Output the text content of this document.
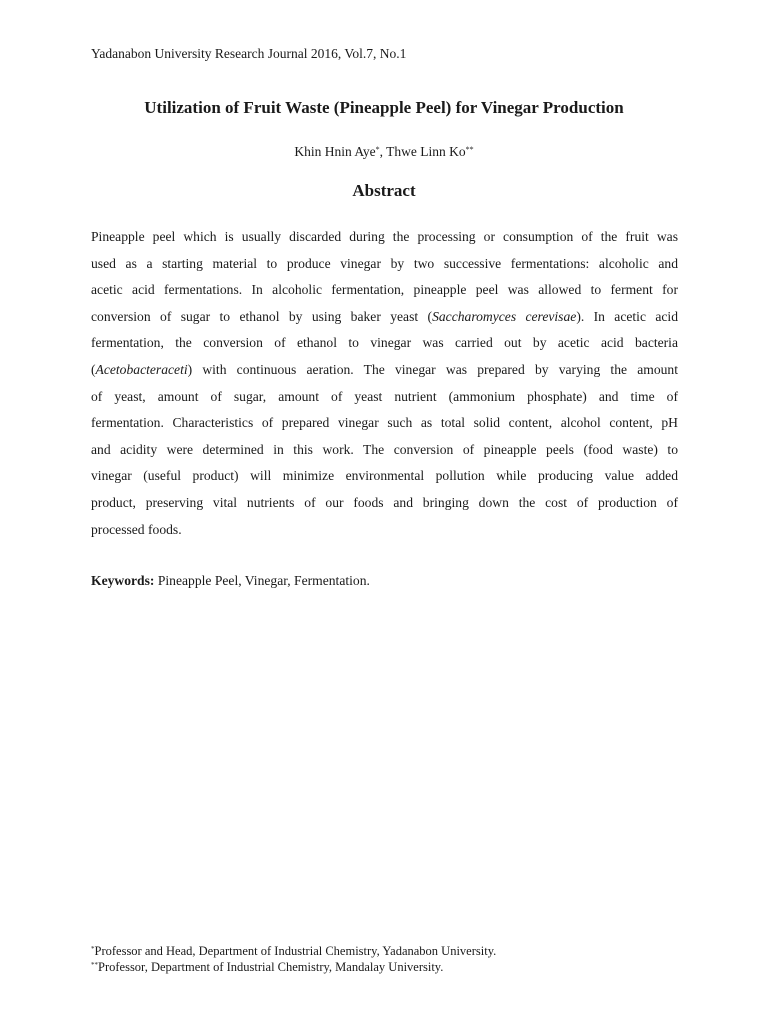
Yadanabon University Research Journal 2016, Vol.7, No.1
Utilization of Fruit Waste (Pineapple Peel) for Vinegar Production
Khin Hnin Aye*, Thwe Linn Ko**
Abstract
Pineapple peel which is usually discarded during the processing or consumption of the fruit was
used as a starting material to produce vinegar by two successive fermentations: alcoholic and
acetic acid fermentations. In alcoholic fermentation, pineapple peel was allowed to ferment for
conversion of sugar to ethanol by using baker yeast (Saccharomyces cerevisae). In acetic acid
fermentation, the conversion of ethanol to vinegar was carried out by acetic acid bacteria
(Acetobacteraceti) with continuous aeration. The vinegar was prepared by varying the amount
of yeast, amount of sugar, amount of yeast nutrient (ammonium phosphate) and time of
fermentation. Characteristics of prepared vinegar such as total solid content, alcohol content, pH
and acidity were determined in this work. The conversion of pineapple peels (food waste) to
vinegar (useful product) will minimize environmental pollution while producing value added
product, preserving vital nutrients of our foods and bringing down the cost of production of
processed foods.
Keywords: Pineapple Peel, Vinegar, Fermentation.
*Professor and Head, Department of Industrial Chemistry, Yadanabon University.
**Professor, Department of Industrial Chemistry, Mandalay University.
